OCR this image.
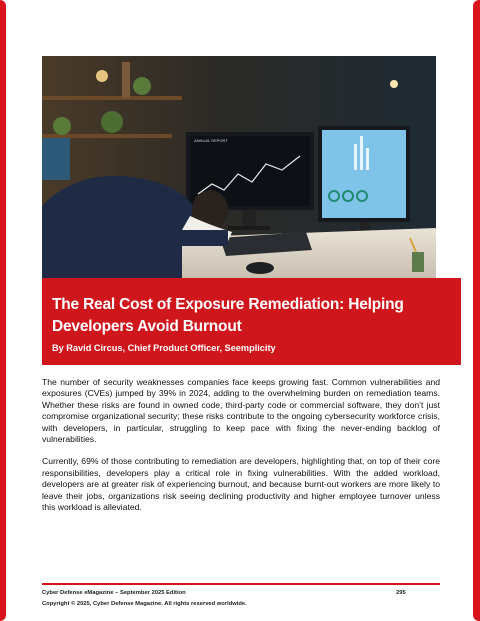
ANNUAL REPORT
The Real Cost of Exposure Remediation: Helping Developers Avoid Burnout
By Ravid Circus, Chief Product Officer, Seemplicity

The number of security weaknesses companies face keeps growing fast. Common vulnerabilities and exposures (CVEs) jumped by 39% in 2024, adding to the overwhelming burden on remediation teams. Whether these risks are found in owned code, third-party code or commercial software, they don’t just compromise organizational security; these risks contribute to the ongoing cybersecurity workforce crisis, with developers, in particular, struggling to keep pace with fixing the never-ending backlog of vulnerabilities.

Currently, 69% of those contributing to remediation are developers, highlighting that, on top of their core responsibilities, developers play a critical role in fixing vulnerabilities. With the added workload, developers are at greater risk of experiencing burnout, and because burnt-out workers are more likely to leave their jobs, organizations risk seeing declining productivity and higher employee turnover unless this workload is alleviated.

Cyber Defense eMagazine – September 2025 Edition	295
Copyright © 2025, Cyber Defense Magazine. All rights reserved worldwide.
